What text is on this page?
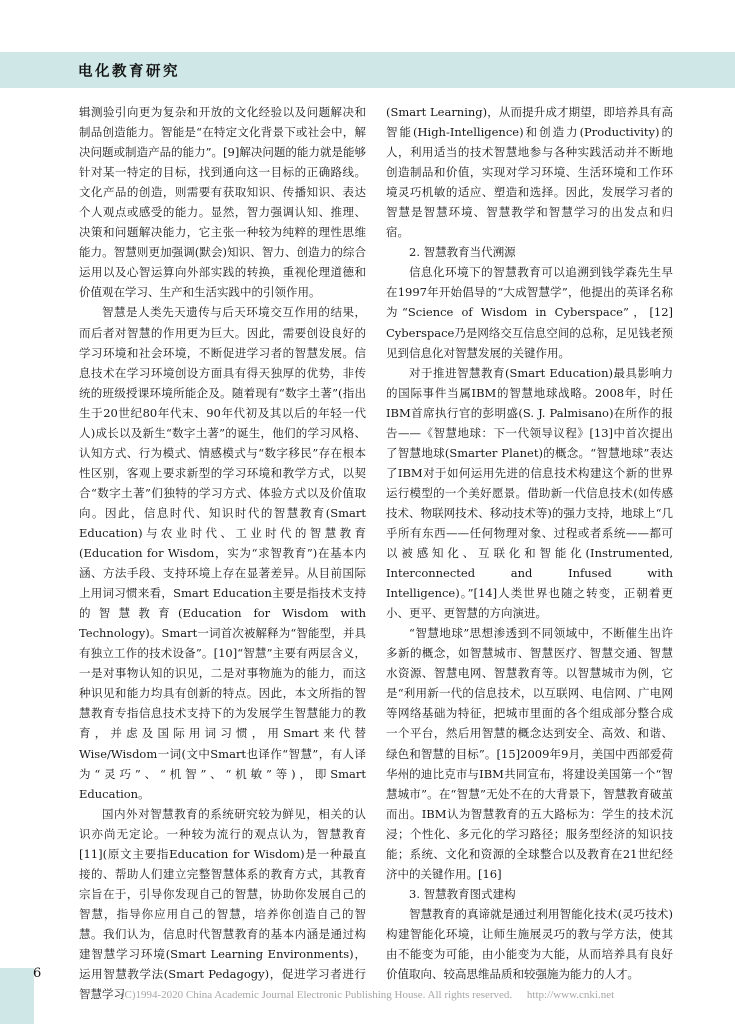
电化教育研究

辑测验引向更为复杂和开放的文化经验以及问题解决和制品创造能力。智能是“在特定文化背景下或社会中，解决问题或制造产品的能力”。[9]解决问题的能力就是能够针对某一特定的目标，找到通向这一目标的正确路线。文化产品的创造，则需要有获取知识、传播知识、表达个人观点或感受的能力。显然，智力强调认知、推理、决策和问题解决能力，它主张一种较为纯粹的理性思维能力。智慧则更加强调(默会)知识、智力、创造力的综合运用以及心智运算向外部实践的转换，重视伦理道德和价值观在学习、生产和生活实践中的引领作用。

智慧是人类先天遗传与后天环境交互作用的结果，而后者对智慧的作用更为巨大。因此，需要创设良好的学习环境和社会环境，不断促进学习者的智慧发展。信息技术在学习环境创设方面具有得天独厚的优势，非传统的班级授课环境所能企及。随着现有“数字土著”(指出生于20世纪80年代末、90年代初及其以后的年轻一代人)成长以及新生“数字土著”的诞生，他们的学习风格、认知方式、行为模式、情感模式与“数字移民”存在根本性区别，客观上要求新型的学习环境和教学方式，以契合“数字土著”们独特的学习方式、体验方式以及价值取向。因此，信息时代、知识时代的智慧教育(Smart Education)与农业时代、工业时代的智慧教育(Education for Wisdom，实为“求智教育”)在基本内涵、方法手段、支持环境上存在显著差异。从目前国际上用词习惯来看，Smart Education主要是指技术支持的智慧教育(Education for Wisdom with Technology)。Smart一词首次被解释为“智能型，并具有独立工作的技术设备”。[10]“智慧”主要有两层含义，一是对事物认知的识见，二是对事物施为的能力，而这种识见和能力均具有创新的特点。因此，本文所指的智慧教育专指信息技术支持下的为发展学生智慧能力的教育，并虑及国际用词习惯，用Smart来代替Wise/Wisdom一词(文中Smart也译作“智慧”，有人译为“灵巧”、“机智”、“机敏”等)，即Smart Education。

国内外对智慧教育的系统研究较为鲜见，相关的认识亦尚无定论。一种较为流行的观点认为，智慧教育[11](原文主要指Education for Wisdom)是一种最直接的、帮助人们建立完整智慧体系的教育方式，其教育宗旨在于，引导你发现自己的智慧，协助你发展自己的智慧，指导你应用自己的智慧，培养你创造自己的智慧。我们认为，信息时代智慧教育的基本内涵是通过构建智慧学习环境(Smart Learning Environments)，运用智慧教学法(Smart Pedagogy)，促进学习者进行智慧学习

(Smart Learning)，从而提升成才期望，即培养具有高智能(High-Intelligence)和创造力(Productivity)的人，利用适当的技术智慧地参与各种实践活动并不断地创造制品和价值，实现对学习环境、生活环境和工作环境灵巧机敏的适应、塑造和选择。因此，发展学习者的智慧是智慧环境、智慧教学和智慧学习的出发点和归宿。

2. 智慧教育当代溯源

信息化环境下的智慧教育可以追溯到钱学森先生早在1997年开始倡导的“大成智慧学”，他提出的英译名称为“Science of Wisdom in Cyberspace”，[12] Cyberspace乃是网络交互信息空间的总称，足见钱老预见到信息化对智慧发展的关键作用。

对于推进智慧教育(Smart Education)最具影响力的国际事件当属IBM的智慧地球战略。2008年，时任IBM首席执行官的彭明盛(S. J. Palmisano)在所作的报告——《智慧地球：下一代领导议程》[13]中首次提出了智慧地球(Smarter Planet)的概念。“智慧地球”表达了IBM对于如何运用先进的信息技术构建这个新的世界运行模型的一个美好愿景。借助新一代信息技术(如传感技术、物联网技术、移动技术等)的强力支持，地球上“几乎所有东西——任何物理对象、过程或者系统——都可以被感知化、互联化和智能化(Instrumented, Interconnected and Infused with Intelligence)。”[14]人类世界也随之转变，正朝着更小、更平、更智慧的方向演进。

“智慧地球”思想渗透到不同领域中，不断催生出许多新的概念，如智慧城市、智慧医疗、智慧交通、智慧水资源、智慧电网、智慧教育等。以智慧城市为例，它是“利用新一代的信息技术，以互联网、电信网、广电网等网络基础为特征，把城市里面的各个组成部分整合成一个平台，然后用智慧的概念达到安全、高效、和谐、绿色和智慧的目标”。[15]2009年9月，美国中西部爱荷华州的迪比克市与IBM共同宣布，将建设美国第一个“智慧城市”。在“智慧”无处不在的大背景下，智慧教育破茧而出。IBM认为智慧教育的五大路标为：学生的技术沉浸；个性化、多元化的学习路径；服务型经济的知识技能；系统、文化和资源的全球整合以及教育在21世纪经济中的关键作用。[16]

3. 智慧教育图式建构

智慧教育的真谛就是通过利用智能化技术(灵巧技术)构建智能化环境，让师生施展灵巧的教与学方法，使其由不能变为可能，由小能变为大能，从而培养具有良好价值取向、较高思维品质和较强施为能力的人才。

6
(C)1994-2020 China Academic Journal Electronic Publishing House. All rights reserved. http://www.cnki.net
